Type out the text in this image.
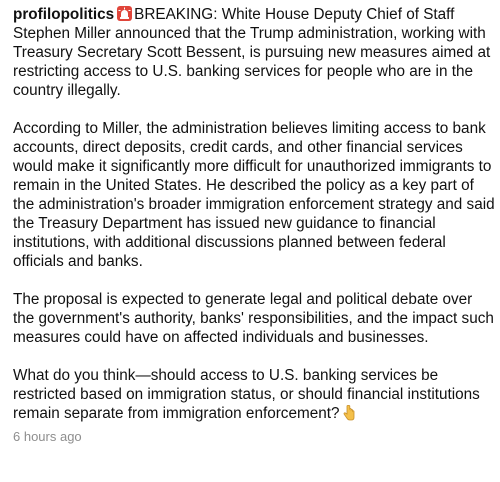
profilopolitics BREAKING: White House Deputy Chief of Staff Stephen Miller announced that the Trump administration, working with Treasury Secretary Scott Bessent, is pursuing new measures aimed at restricting access to U.S. banking services for people who are in the country illegally.

According to Miller, the administration believes limiting access to bank accounts, direct deposits, credit cards, and other financial services would make it significantly more difficult for unauthorized immigrants to remain in the United States. He described the policy as a key part of the administration's broader immigration enforcement strategy and said the Treasury Department has issued new guidance to financial institutions, with additional discussions planned between federal officials and banks.

The proposal is expected to generate legal and political debate over the government's authority, banks' responsibilities, and the impact such measures could have on affected individuals and businesses.

What do you think—should access to U.S. banking services be restricted based on immigration status, or should financial institutions remain separate from immigration enforcement?

6 hours ago
